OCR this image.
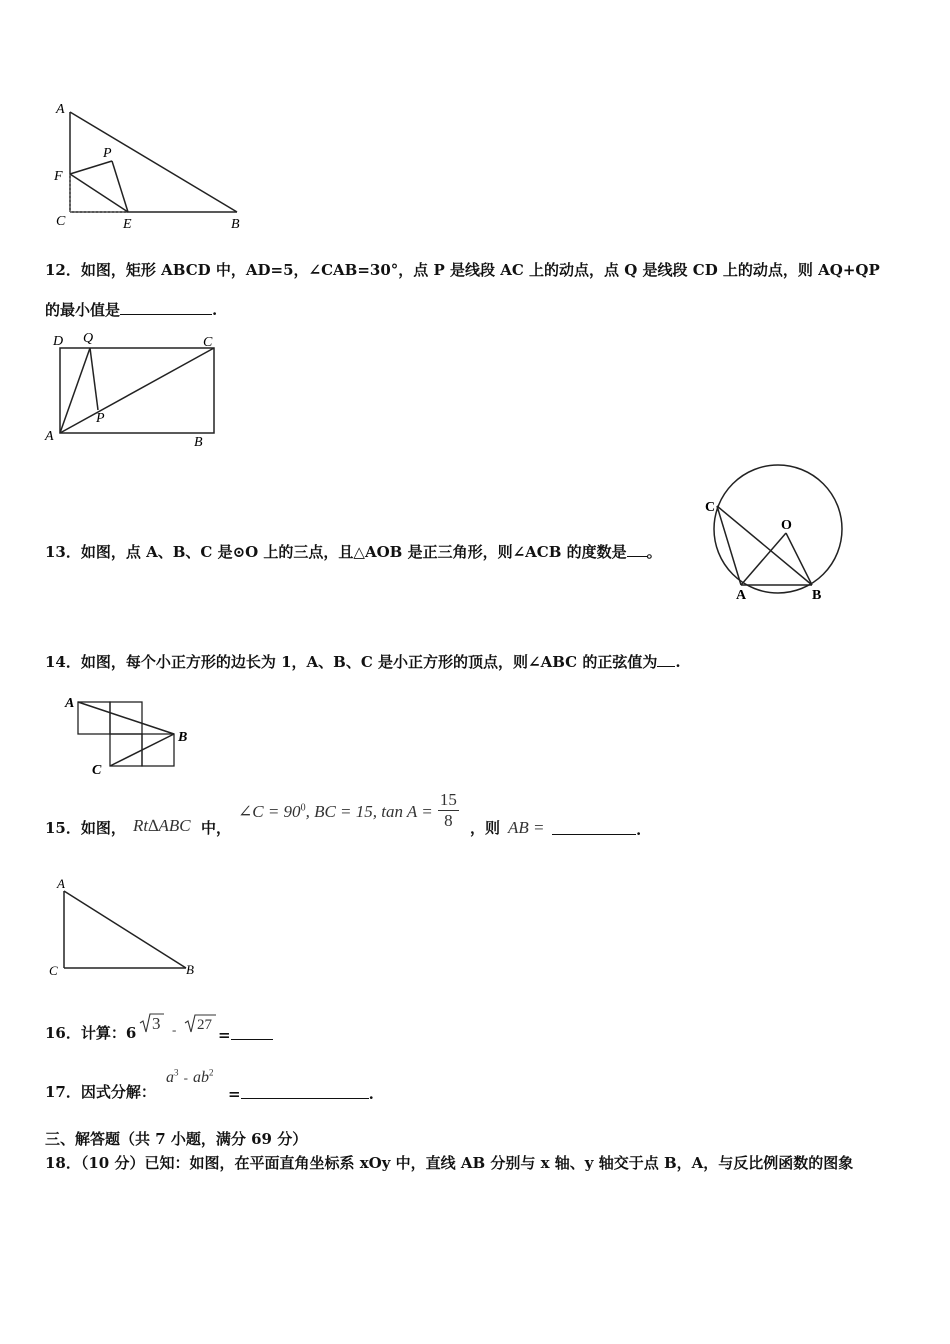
A
P
F
C	E	B
12．如图，矩形 ABCD 中，AD=5，∠CAB=30°，点 P 是线段 AC 上的动点，点 Q 是线段 CD 上的动点，则 AQ+QP
的最小值是	.
D Q	C
P
A	B
13．如图，点 A、B、C 是⊙O 上的三点，且△AOB 是正三角形，则∠ACB 的度数是 。
C
O
A	B
14．如图，每个小正方形的边长为 1，A、B、C 是小正方形的顶点，则∠ABC 的正弦值为 .
A
B
C
15．如图， Rt∆ABC 中，
∠C = $90^0$, BC = 15, $\tan A = \frac{15}{8}$ ，则 AB =	.
A
C	B
16．计算：6 3 - 27
=
17．因式分解：
$a^3 - ab^2$
=	.
三、解答题（共 7 小题，满分 69 分）
18．（10 分）已知：如图，在平面直角坐标系 xOy 中，直线 AB 分别与 x 轴、y 轴交于点 B，A，与反比例函数的图象
